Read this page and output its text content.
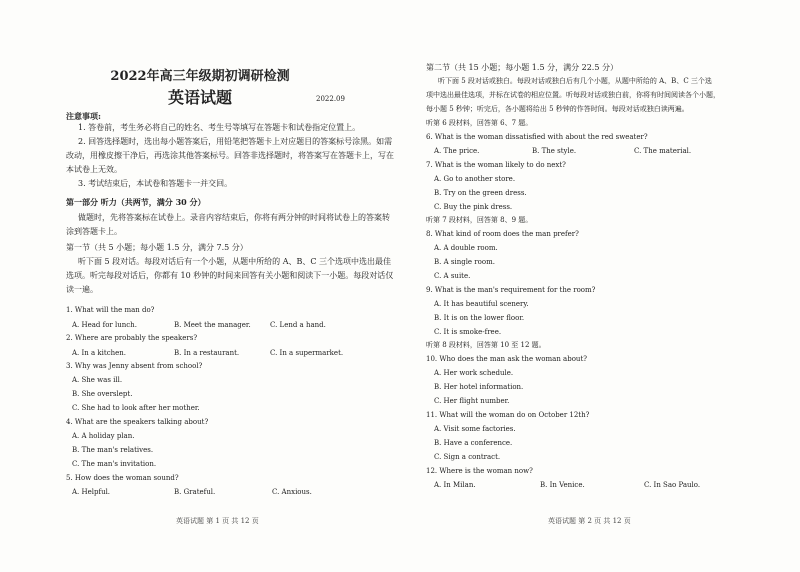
2022年高三年级期初调研检测
英语试题	2022.09
注意事项:
1. 答卷前，考生务必将自己的姓名、考生号等填写在答题卡和试卷指定位置上。
2. 回答选择题时，选出每小题答案后，用铅笔把答题卡上对应题目的答案标号涂黑。如需
改动，用橡皮擦干净后，再选涂其他答案标号。回答非选择题时，将答案写在答题卡上，写在
本试卷上无效。
3. 考试结束后，本试卷和答题卡一并交回。
第一部分 听力（共两节，满分 30 分）
做题时，先将答案标在试卷上。录音内容结束后，你将有两分钟的时间将试卷上的答案转
涂到答题卡上。
第一节（共 5 小题；每小题 1.5 分，满分 7.5 分）
听下面 5 段对话。每段对话后有一个小题，从题中所给的 A、B、C 三个选项中选出最佳
选项。听完每段对话后，你都有 10 秒钟的时间来回答有关小题和阅读下一小题。每段对话仅
读一遍。
1. What will the man do?
A. Head for lunch.	B. Meet the manager.	C. Lend a hand.
2. Where are probably the speakers?
A. In a kitchen.	B. In a restaurant.	C. In a supermarket.
3. Why was Jenny absent from school?
A. She was ill.
B. She overslept.
C. She had to look after her mother.
4. What are the speakers talking about?
A. A holiday plan.
B. The man's relatives.
C. The man's invitation.
5. How does the woman sound?
A. Helpful.	B. Grateful.	C. Anxious.
英语试题 第 1 页 共 12 页
第二节（共 15 小题；每小题 1.5 分，满分 22.5 分）
听下面 5 段对话或独白。每段对话或独白后有几个小题，从题中所给的 A、B、C 三个选
项中选出最佳选项，并标在试卷的相应位置。听每段对话或独白前，你将有时间阅读各个小题，
每小题 5 秒钟；听完后，各小题将给出 5 秒钟的作答时间。每段对话或独白读两遍。
听第 6 段材料，回答第 6、7 题。
6. What is the woman dissatisfied with about the red sweater?
A. The price.	B. The style.	C. The material.
7. What is the woman likely to do next?
A. Go to another store.
B. Try on the green dress.
C. Buy the pink dress.
听第 7 段材料，回答第 8、9 题。
8. What kind of room does the man prefer?
A. A double room.
B. A single room.
C. A suite.
9. What is the man's requirement for the room?
A. It has beautiful scenery.
B. It is on the lower floor.
C. It is smoke-free.
听第 8 段材料，回答第 10 至 12 题。
10. Who does the man ask the woman about?
A. Her work schedule.
B. Her hotel information.
C. Her flight number.
11. What will the woman do on October 12th?
A. Visit some factories.
B. Have a conference.
C. Sign a contract.
12. Where is the woman now?
A. In Milan.	B. In Venice.	C. In Sao Paulo.
英语试题 第 2 页 共 12 页
